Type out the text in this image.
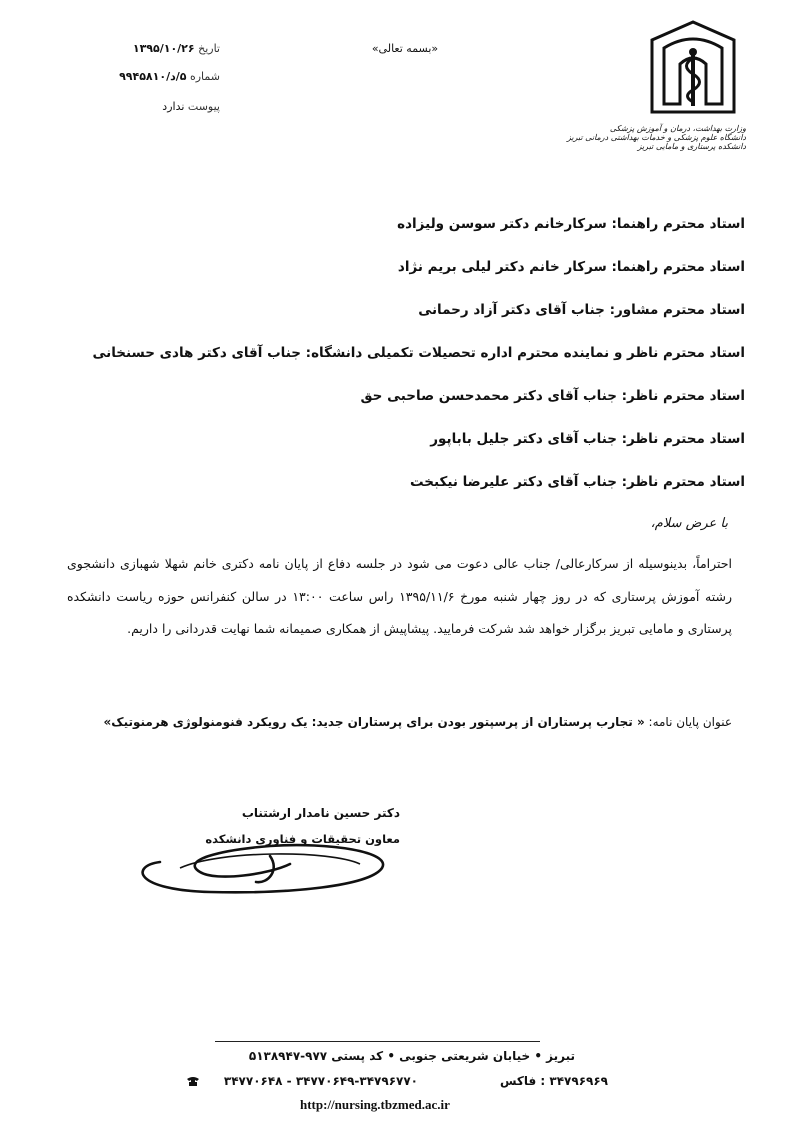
وزارت بهداشت، درمان و آموزش پزشکی
دانشگاه علوم پزشکی و خدمات بهداشتی درمانی تبریز
دانشکده پرستاری و مامایی تبریز
«بسمه تعالی»
تاریخ ۱۳۹۵/۱۰/۲۶
شماره ۵/د/۹۹۴۵۸۱۰
پیوست ندارد
استاد محترم راهنما: سرکارخانم دکتر سوسن ولیزاده
استاد محترم راهنما: سرکار خانم دکتر لیلی بریم نژاد
استاد محترم مشاور: جناب آقای دکتر آزاد رحمانی
استاد محترم ناظر و نماینده محترم اداره تحصیلات تکمیلی دانشگاه: جناب آقای دکتر هادی حسنخانی
استاد محترم ناظر: جناب آقای دکتر محمدحسن صاحبی حق
استاد محترم ناظر: جناب آقای دکتر جلیل باباپور
استاد محترم ناظر: جناب آقای دکتر علیرضا نیکبخت
با عرض سلام،
احتراماً، بدینوسیله از سرکارعالی/ جناب عالی دعوت می شود در جلسه دفاع از پایان نامه دکتری خانم شهلا شهبازی دانشجوی رشته آموزش پرستاری که در روز چهار شنبه مورخ ۱۳۹۵/۱۱/۶ راس ساعت ۱۳:۰۰ در سالن کنفرانس حوزه ریاست دانشکده پرستاری و مامایی تبریز برگزار خواهد شد شرکت فرمایید. پیشاپیش از همکاری صمیمانه شما نهایت قدردانی را داریم.
عنوان پایان نامه: « تجارب پرستاران از پرسپتور بودن برای پرستاران جدید: یک رویکرد فنومنولوژی هرمنوتیک»
دکتر حسین نامدار ارشتناب
معاون تحقیقات و فناوری دانشکده
تبریز • خیابان شریعتی جنوبی • کد پستی ۹۷۷-۵۱۳۸۹۴۷
۳۴۷۹۶۹۶۹ : فاکس
۳۴۷۷۰۶۴۸ - ۳۴۷۷۰۶۴۹-۳۴۷۹۶۷۷۰
http://nursing.tbzmed.ac.ir
